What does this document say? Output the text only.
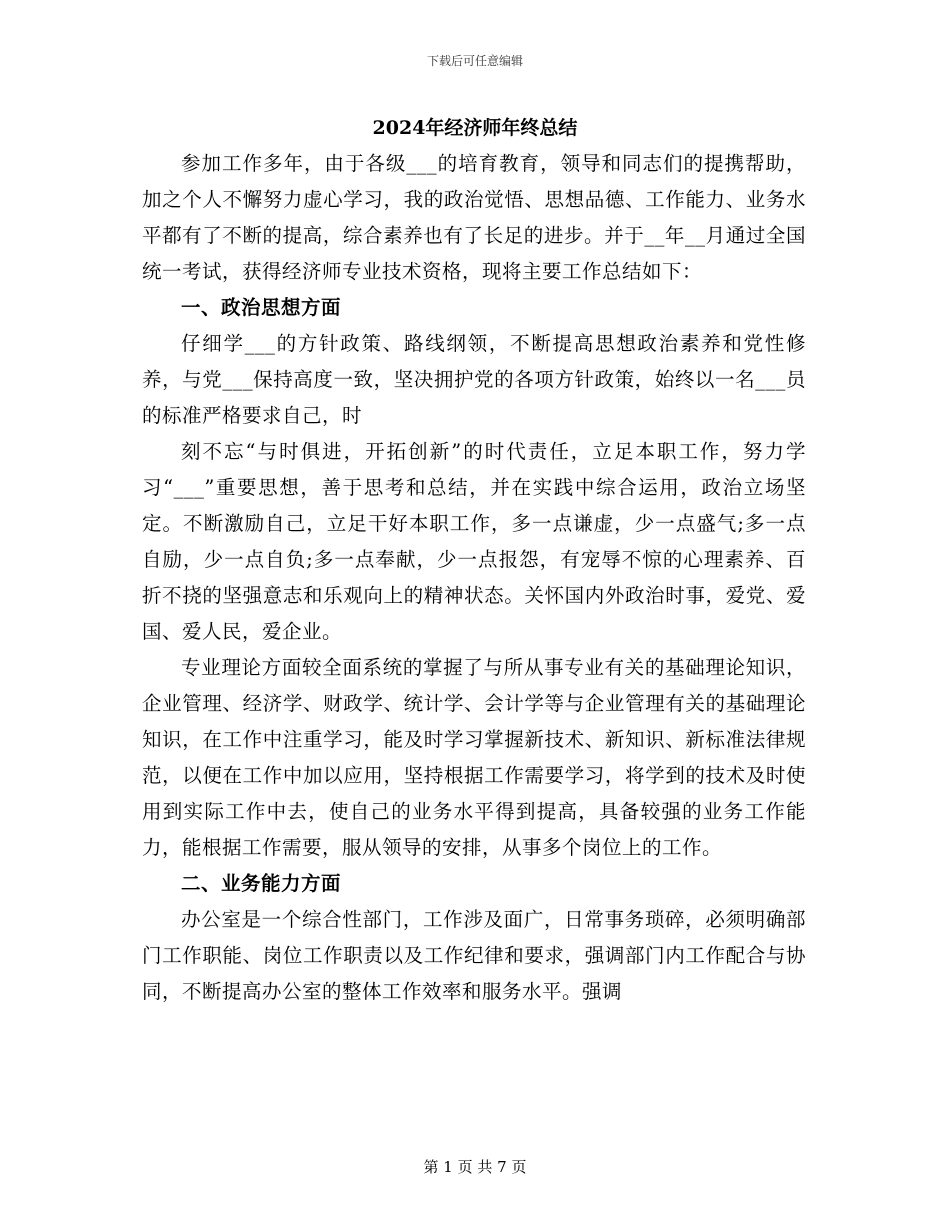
下载后可任意编辑
2024年经济师年终总结

参加工作多年，由于各级___的培育教育，领导和同志们的提携帮助，加之个人不懈努力虚心学习，我的政治觉悟、思想品德、工作能力、业务水平都有了不断的提高，综合素养也有了长足的进步。并于__年__月通过全国统一考试，获得经济师专业技术资格，现将主要工作总结如下：

一、政治思想方面

仔细学___的方针政策、路线纲领，不断提高思想政治素养和党性修养，与党___保持高度一致，坚决拥护党的各项方针政策，始终以一名___员的标准严格要求自己，时

刻不忘“与时俱进，开拓创新”的时代责任，立足本职工作，努力学习“___”重要思想，善于思考和总结，并在实践中综合运用，政治立场坚定。不断激励自己，立足干好本职工作，多一点谦虚，少一点盛气;多一点自励，少一点自负;多一点奉献，少一点报怨，有宠辱不惊的心理素养、百折不挠的坚强意志和乐观向上的精神状态。关怀国内外政治时事，爱党、爱国、爱人民，爱企业。

专业理论方面较全面系统的掌握了与所从事专业有关的基础理论知识，企业管理、经济学、财政学、统计学、会计学等与企业管理有关的基础理论知识，在工作中注重学习，能及时学习掌握新技术、新知识、新标准法律规范，以便在工作中加以应用，坚持根据工作需要学习，将学到的技术及时使用到实际工作中去，使自己的业务水平得到提高，具备较强的业务工作能力，能根据工作需要，服从领导的安排，从事多个岗位上的工作。

二、业务能力方面

办公室是一个综合性部门，工作涉及面广，日常事务琐碎，必须明确部门工作职能、岗位工作职责以及工作纪律和要求，强调部门内工作配合与协同，不断提高办公室的整体工作效率和服务水平。强调

第 1 页 共 7 页
